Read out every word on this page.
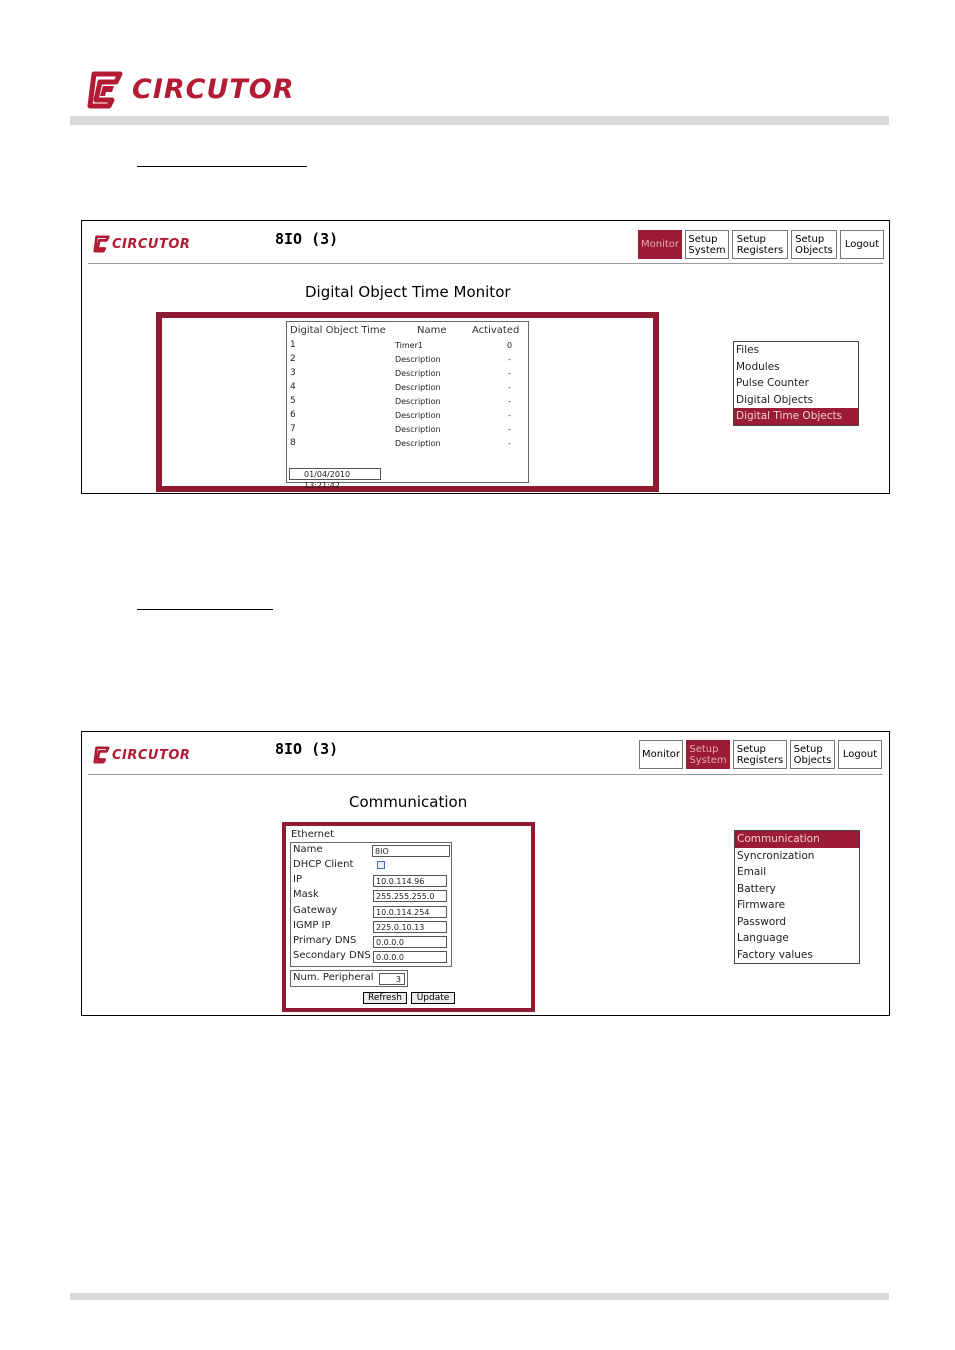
CIRCUTOR
CIRCUTOR	8IO (3)	Monitor Setup
System
Setup
Registers
Setup
Objects Logout
Digital Object Time Monitor
Digital Object Time	Name	Activated
1	Timer1	0
2	Description	-
3	Description	-
4	Description	-
5	Description	-
6	Description	-
7	Description	-
8	Description	-
01/04/2010 13:21:42
Files
Modules
Pulse Counter
Digital Objects
Digital Time Objects
CIRCUTOR	8IO (3)	Monitor Setup
System
Setup
Registers
Setup
Objects Logout
Communication
Ethernet
Name	8IO
DHCP Client
IP	10.0.114.96
Mask	255.255.255.0
Gateway	10.0.114.254
IGMP IP	225.0.10.13
Primary DNS	0.0.0.0
Secondary DNS 0.0.0.0
Num. Peripheral	3
Refresh	Update
Communication
Syncronization
Email
Battery
Firmware
Password
Language
Factory values
